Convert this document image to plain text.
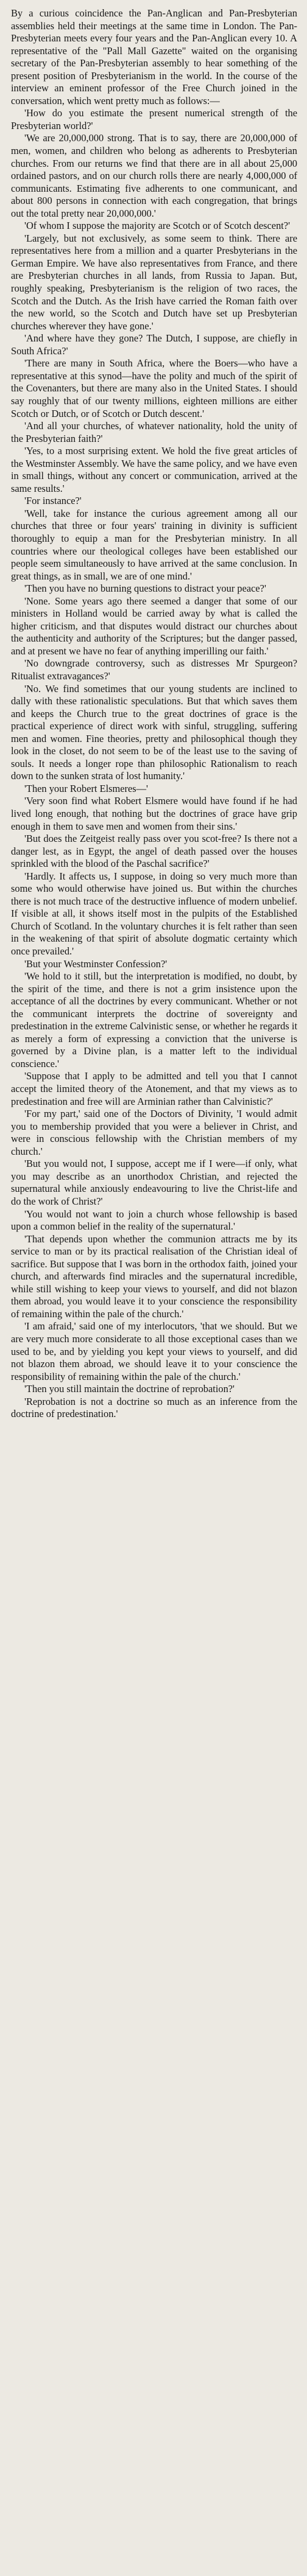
By a curious coincidence the Pan-Anglican and Pan-Presbyterian assemblies held their meetings at the same time in London. The Pan-Presbyterian meets every four years and the Pan-Anglican every 10. A representative of the "Pall Mall Gazette" waited on the organising secretary of the Pan-Presbyterian assembly to hear something of the present position of Presbyterianism in the world. In the course of the interview an eminent professor of the Free Church joined in the conversation, which went pretty much as follows:—

'How do you estimate the present numerical strength of the Presbyterian world?'

'We are 20,000,000 strong. That is to say, there are 20,000,000 of men, women, and children who belong as adherents to Presbyterian churches. From our returns we find that there are in all about 25,000 ordained pastors, and on our church rolls there are nearly 4,000,000 of communicants. Estimating five adherents to one communicant, and about 800 persons in connection with each congregation, that brings out the total pretty near 20,000,000.'

'Of whom I suppose the majority are Scotch or of Scotch descent?'

'Largely, but not exclusively, as some seem to think. There are representatives here from a million and a quarter Presbyterians in the German Empire. We have also representatives from France, and there are Presbyterian churches in all lands, from Russia to Japan. But, roughly speaking, Presbyterianism is the religion of two races, the Scotch and the Dutch. As the Irish have carried the Roman faith over the new world, so the Scotch and Dutch have set up Presbyterian churches wherever they have gone.'

'And where have they gone? The Dutch, I suppose, are chiefly in South Africa?'

'There are many in South Africa, where the Boers—who have a representative at this synod—have the polity and much of the spirit of the Covenanters, but there are many also in the United States. I should say roughly that of our twenty millions, eighteen millions are either Scotch or Dutch, or of Scotch or Dutch descent.'

'And all your churches, of whatever nationality, hold the unity of the Presbyterian faith?'

'Yes, to a most surprising extent. We hold the five great articles of the Westminster Assembly. We have the same policy, and we have even in small things, without any concert or communication, arrived at the same results.'

'For instance?'

'Well, take for instance the curious agreement among all our churches that three or four years' training in divinity is sufficient thoroughly to equip a man for the Presbyterian ministry. In all countries where our theological colleges have been established our people seem simultaneously to have arrived at the same conclusion. In great things, as in small, we are of one mind.'

'Then you have no burning questions to distract your peace?'

'None. Some years ago there seemed a danger that some of our ministers in Holland would be carried away by what is called the higher criticism, and that disputes would distract our churches about the authenticity and authority of the Scriptures; but the danger passed, and at present we have no fear of anything imperilling our faith.'

'No downgrade controversy, such as distresses Mr Spurgeon? Ritualist extravagances?'

'No. We find sometimes that our young students are inclined to dally with these rationalistic speculations. But that which saves them and keeps the Church true to the great doctrines of grace is the practical experience of direct work with sinful, struggling, suffering men and women. Fine theories, pretty and philosophical though they look in the closet, do not seem to be of the least use to the saving of souls. It needs a longer rope than philosophic Rationalism to reach down to the sunken strata of lost humanity.'

'Then your Robert Elsmeres—'

'Very soon find what Robert Elsmere would have found if he had lived long enough, that nothing but the doctrines of grace have grip enough in them to save men and women from their sins.'

'But does the Zeitgeist really pass over you scot-free? Is there not a danger lest, as in Egypt, the angel of death passed over the houses sprinkled with the blood of the Paschal sacrifice?'

'Hardly. It affects us, I suppose, in doing so very much more than some who would otherwise have joined us. But within the churches there is not much trace of the destructive influence of modern unbelief. If visible at all, it shows itself most in the pulpits of the Established Church of Scotland. In the voluntary churches it is felt rather than seen in the weakening of that spirit of absolute dogmatic certainty which once prevailed.'

'But your Westminster Confession?'

'We hold to it still, but the interpretation is modified, no doubt, by the spirit of the time, and there is not a grim insistence upon the acceptance of all the doctrines by every communicant. Whether or not the communicant interprets the doctrine of sovereignty and predestination in the extreme Calvinistic sense, or whether he regards it as merely a form of expressing a conviction that the universe is governed by a Divine plan, is a matter left to the individual conscience.'

'Suppose that I apply to be admitted and tell you that I cannot accept the limited theory of the Atonement, and that my views as to predestination and free will are Arminian rather than Calvinistic?'

'For my part,' said one of the Doctors of Divinity, 'I would admit you to membership provided that you were a believer in Christ, and were in conscious fellowship with the Christian members of my church.'

'But you would not, I suppose, accept me if I were—if only, what you may describe as an unorthodox Christian, and rejected the supernatural while anxiously endeavouring to live the Christ-life and do the work of Christ?'

'You would not want to join a church whose fellowship is based upon a common belief in the reality of the supernatural.'

'That depends upon whether the communion attracts me by its service to man or by its practical realisation of the Christian ideal of sacrifice. But suppose that I was born in the orthodox faith, joined your church, and afterwards find miracles and the supernatural incredible, while still wishing to keep your views to yourself, and did not blazon them abroad, you would leave it to your conscience the responsibility of remaining within the pale of the church.'

'I am afraid,' said one of my interlocutors, 'that we should. But we are very much more considerate to all those exceptional cases than we used to be, and by yielding you kept your views to yourself, and did not blazon them abroad, we should leave it to your conscience the responsibility of remaining within the pale of the church.'

'Then you still maintain the doctrine of reprobation?'

'Reprobation is not a doctrine so much as an inference from the doctrine of predestination.'
